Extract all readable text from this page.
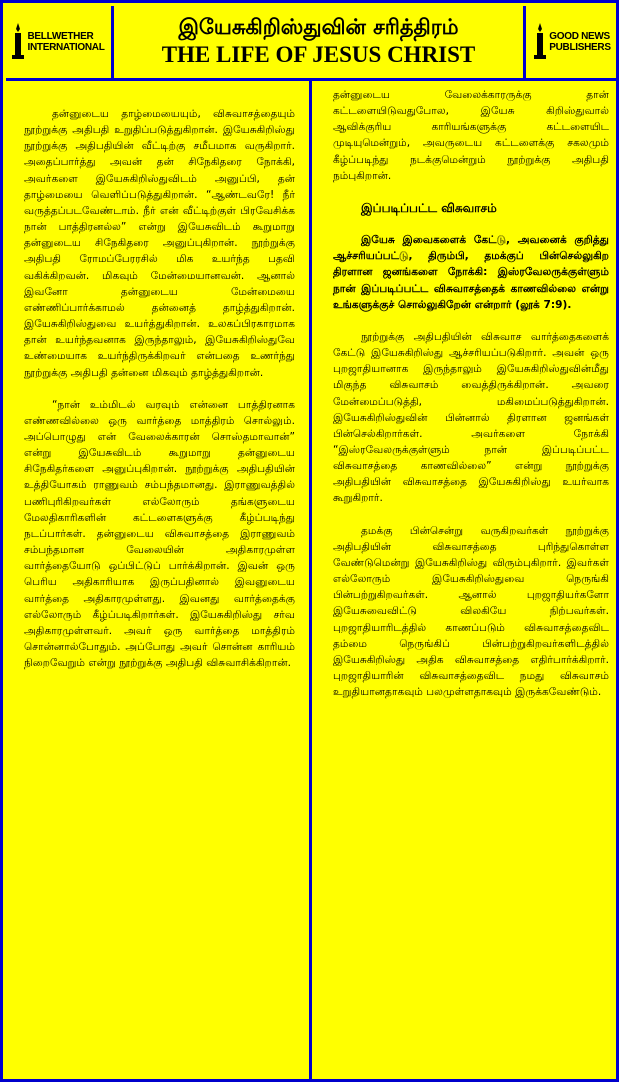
BELLWETHER
INTERNATIONAL
இயேசுகிறிஸ்துவின் சரித்திரம்
THE LIFE OF JESUS CHRIST
GOOD NEWS
PUBLISHERS

தன்னுடைய தாழ்மையையும், விசுவாசத்தையும் நூற்றுக்கு அதிபதி உறுதிப்படுத்துகிறான். இயேசுகிறிஸ்து நூற்றுக்கு அதிபதியின் வீட்டிற்கு சமீபமாக வருகிறார். அதைப்பார்த்து அவன் தன் சிநேகிதரை நோக்கி, அவர்களை இயேசுகிறிஸ்துவிடம் அனுப்பி, தன் தாழ்மையை வெளிப்படுத்துகிறான். “ஆண்டவரே! நீர் வருத்தப்படவேண்டாம். நீர் என் வீட்டிற்குள் பிரவேசிக்க நான் பாத்திரனல்ல” என்று இயேசுவிடம் கூறுமாறு தன்னுடைய சிநேகிதரை அனுப்புகிறான். நூற்றுக்கு அதிபதி ரோமப்பேரரசில் மிக உயர்ந்த பதவி வகிக்கிறவன். மிகவும் மேன்மையானவன். ஆனால் இவனோ தன்னுடைய மேன்மையை எண்ணிப்பார்க்காமல் தன்னைத் தாழ்த்துகிறான். இயேசுகிறிஸ்துவை உயர்த்துகிறான். உலகப்பிரகாரமாக தான் உயர்ந்தவனாக இருந்தாலும், இயேசுகிறிஸ்துவே உண்மையாக உயர்ந்திருக்கிறவர் என்பதை உணர்ந்து நூற்றுக்கு அதிபதி தன்னை மிகவும் தாழ்த்துகிறான்.

“நான் உம்மிடல் வரவும் என்னை பாத்திரனாக எண்ணவில்லை ஒரு வார்த்தை மாத்திரம் சொல்லும். அப்பொழுது என் வேலைக்காரன் சொஸ்தமாவான்” என்று இயேசுவிடம் கூறுமாறு தன்னுடைய சிநேகிதர்களை அனுப்புகிறான். நூற்றுக்கு அதிபதியின் உத்தியோகம் ராணுவம் சம்பந்தமானது. இராணுவத்தில் பணிபுரிகிறவர்கள் எல்லோரும் தங்களுடைய மேலதிகாரிகளின் கட்டளைகளுக்கு கீழ்ப்படிந்து நடப்பார்கள். தன்னுடைய விசுவாசத்தை இராணுவம் சம்பந்தமான வேலையின் அதிகாரமுள்ள வார்த்தையோடு ஒப்பிட்டுப் பார்க்கிறான். இவன் ஒரு பெரிய அதிகாரியாக இருப்பதினால் இவனுடைய வார்த்தை அதிகாரமுள்ளது. இவனது வார்த்தைக்கு எல்லோரும் கீழ்ப்படிகிறார்கள். இயேசுகிறிஸ்து சர்வ அதிகாரமுள்ளவர். அவர் ஒரு வார்த்தை மாத்திரம் சொன்னால்போதும். அப்போது அவர் சொன்ன காரியம் நிறைவேறும் என்று நூற்றுக்கு அதிபதி விசுவாசிக்கிறான்.

தன்னுடைய வேலைக்காரருக்கு தான் கட்டளையிடுவதுபோல, இயேசு கிறிஸ்துவால் ஆவிக்குரிய காரியங்களுக்கு கட்டளையிட முடியுமென்றும், அவருடைய கட்டளைக்கு சகலமும் கீழ்ப்படிந்து நடக்குமென்றும் நூற்றுக்கு அதிபதி நம்புகிறான்.

இப்படிப்பட்ட விசுவாசம்

இயேசு இவைகளைக் கேட்டு, அவனைக் குறித்து ஆச்சரியப்பட்டு, திரும்பி, தமக்குப் பின்செல்லுகிற திரளான ஜனங்களை நோக்கி: இஸ்ரவேலருக்குள்ளும் நான் இப்படிப்பட்ட விசுவாசத்தைக் காணவில்லை என்று உங்களுக்குச் சொல்லுகிறேன் என்றார் (லூக் 7:9).

நூற்றுக்கு அதிபதியின் விசுவாச வார்த்தைகளைக் கேட்டு இயேசுகிறிஸ்து ஆச்சரியப்படுகிறார். அவன் ஒரு புறஜாதியானாக இருந்தாலும் இயேசுகிறிஸ்துவின்மீது மிகுந்த விசுவாசம் வைத்திருக்கிறான். அவரை மேன்மைப்படுத்தி, மகிமைப்படுத்துகிறான். இயேசுகிறிஸ்துவின் பின்னால் திரளான ஜனங்கள் பின்செல்கிறார்கள். அவர்களை நோக்கி “இஸ்ரவேலருக்குள்ளும் நான் இப்படிப்பட்ட விசுவாசத்தை காணவில்லை” என்று நூற்றுக்கு அதிபதியின் விசுவாசத்தை இயேசுகிறிஸ்து உயர்வாக கூறுகிறார்.

தமக்கு பின்சென்று வருகிறவர்கள் நூற்றுக்கு அதிபதியின் விசுவாசத்தை புரிந்துகொள்ள வேண்டுமென்று இயேசுகிறிஸ்து விரும்புகிறார். இவர்கள் எல்லோரும் இயேசுகிறிஸ்துவை நெருங்கி பின்பற்றுகிறவர்கள். ஆனால் புறஜாதியர்களோ இயேசுவைவிட்டு விலகியே நிற்பவர்கள். புறஜாதியாரிடத்தில் காணப்படும் விசுவாசத்தைவிட தம்மை நெருங்கிப் பின்பற்றுகிறவர்களிடத்தில் இயேசுகிறிஸ்து அதிக விசுவாசத்தை எதிர்பார்க்கிறார். புறஜாதியாரின் விசுவாசத்தைவிட நமது விசுவாசம் உறுதியானதாகவும் பலமுள்ளதாகவும் இருக்கவேண்டும்.
